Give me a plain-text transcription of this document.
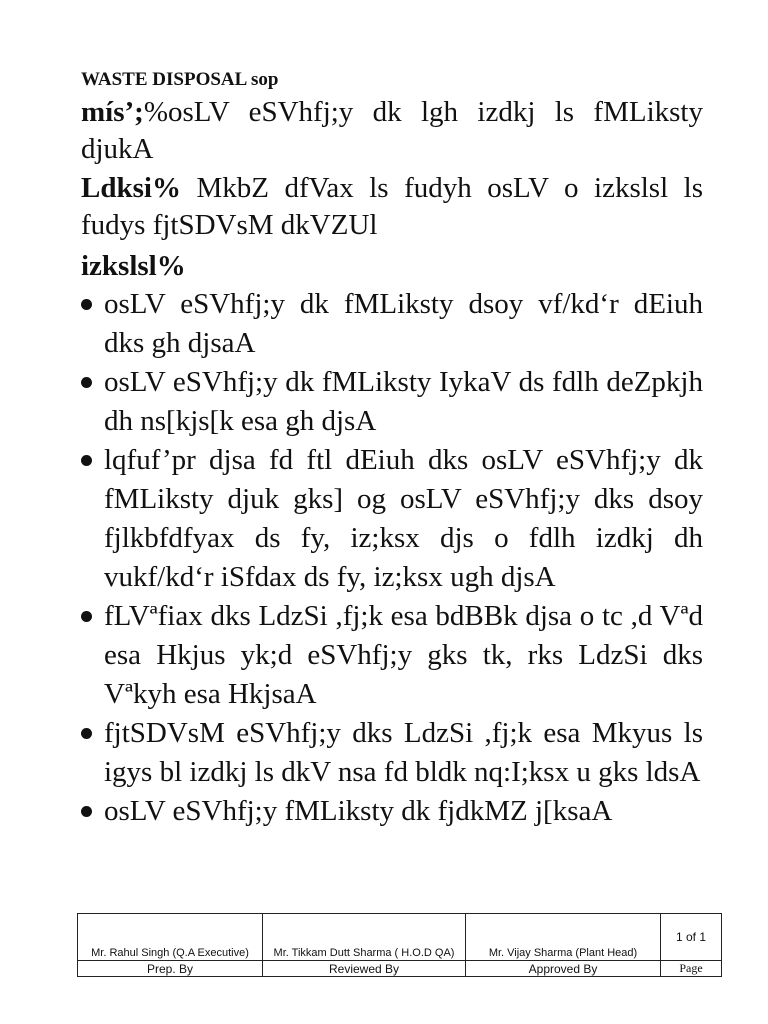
WASTE DISPOSAL sop

mís’;%osLV eSVhfj;y dk lgh izdkj ls fMLiksty djukA

Ldksi% MkbZ dfVax ls fudyh osLV o izkslsl ls fudys fjtSDVsM dkVZUl

izkslsl%
osLV eSVhfj;y dk fMLiksty dsoy vf/kd‘r dEiuh dks gh djsaA
osLV eSVhfj;y dk fMLiksty IykaV ds fdlh deZpkjh dh ns[kjs[k esa gh djsA
lqfuf’pr djsa fd ftl dEiuh dks osLV eSVhfj;y dk fMLiksty djuk gks] og osLV eSVhfj;y dks dsoy fjlkbfdfyax ds fy, iz;ksx djs o fdlh izdkj dh vukf/kd‘r iSfdax ds fy, iz;ksx ugh djsA
fLVªfiax dks LdzSi ,fj;k esa bdBBk djsa o tc ,d Vªd esa Hkjus yk;d eSVhfj;y gks tk, rks LdzSi dks Vªkyh esa HkjsaA
fjtSDVsM eSVhfj;y dks LdzSi ,fj;k esa Mkyus ls igys bl izdkj ls dkV nsa fd bldk nq:I;ksx u gks ldsA
osLV eSVhfj;y fMLiksty dk fjdkMZ j[ksaA
Mr. Rahul Singh (Q.A Executive)	Mr. Tikkam Dutt Sharma ( H.O.D QA)	Mr. Vijay Sharma (Plant Head)	1 of 1
Prep. By	Reviewed By	Approved By	Page
